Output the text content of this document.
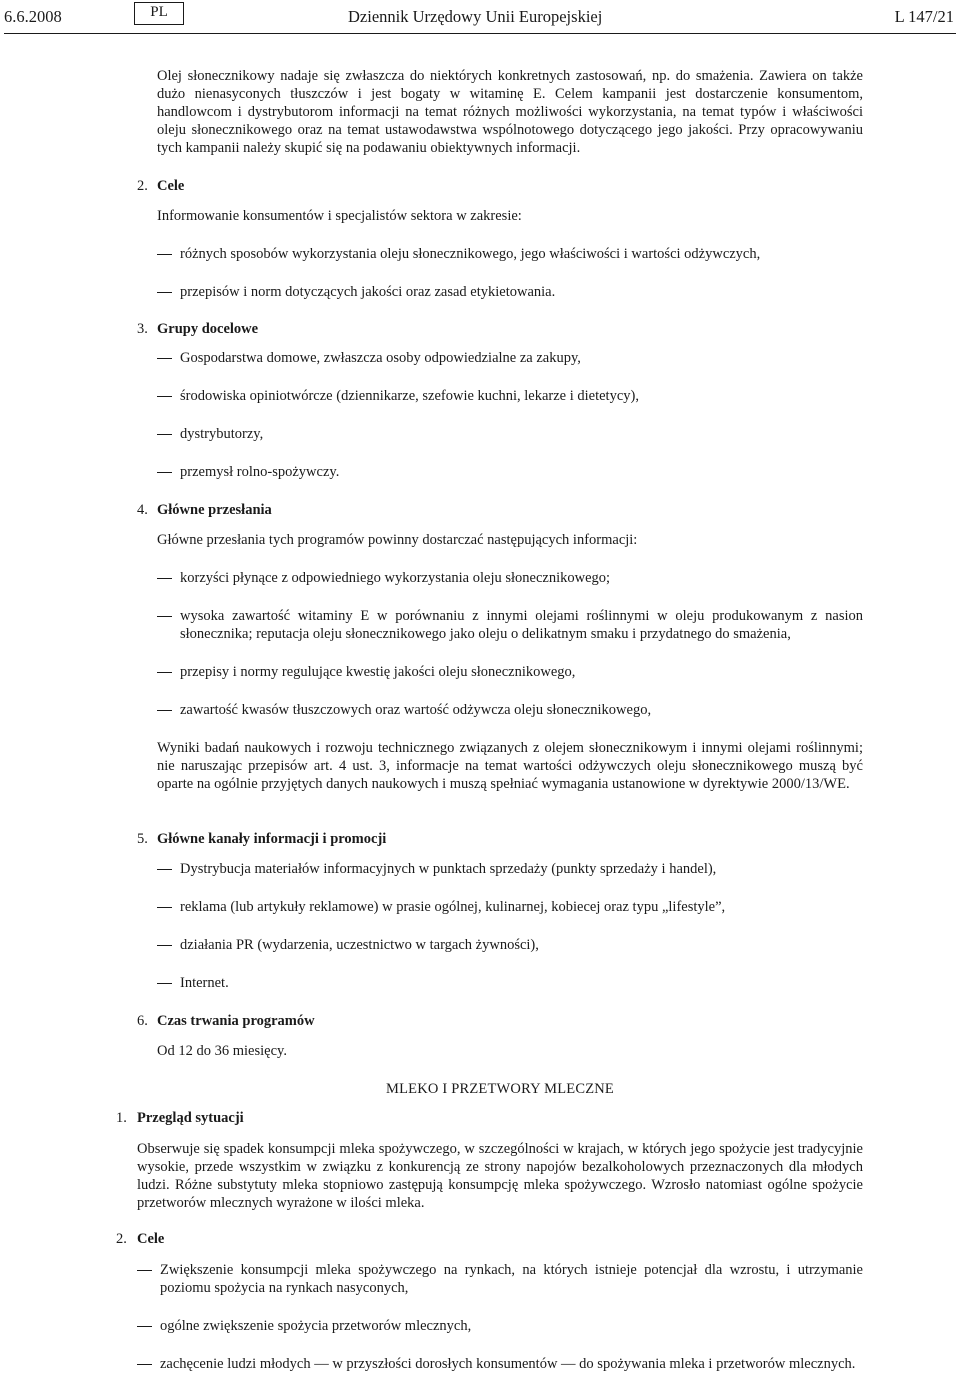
6.6.2008	PL	Dziennik Urzędowy Unii Europejskiej	L 147/21
Olej słonecznikowy nadaje się zwłaszcza do niektórych konkretnych zastosowań, np. do smażenia. Zawiera on także dużo nienasyconych tłuszczów i jest bogaty w witaminę E. Celem kampanii jest dostarczenie konsumentom, handlowcom i dystrybutorom informacji na temat różnych możliwości wykorzystania, na temat typów i właściwości oleju słonecznikowego oraz na temat ustawodawstwa wspólnotowego dotyczącego jego jakości. Przy opracowywaniu tych kampanii należy skupić się na podawaniu obiektywnych informacji.
2. Cele
Informowanie konsumentów i specjalistów sektora w zakresie:
różnych sposobów wykorzystania oleju słonecznikowego, jego właściwości i wartości odżywczych,
przepisów i norm dotyczących jakości oraz zasad etykietowania.
3. Grupy docelowe
Gospodarstwa domowe, zwłaszcza osoby odpowiedzialne za zakupy,
środowiska opiniotwórcze (dziennikarze, szefowie kuchni, lekarze i dietetycy),
dystrybutorzy,
przemysł rolno-spożywczy.
4. Główne przesłania
Główne przesłania tych programów powinny dostarczać następujących informacji:
korzyści płynące z odpowiedniego wykorzystania oleju słonecznikowego;
wysoka zawartość witaminy E w porównaniu z innymi olejami roślinnymi w oleju produkowanym z nasion słonecznika; reputacja oleju słonecznikowego jako oleju o delikatnym smaku i przydatnego do smażenia,
przepisy i normy regulujące kwestię jakości oleju słonecznikowego,
zawartość kwasów tłuszczowych oraz wartość odżywcza oleju słonecznikowego,
Wyniki badań naukowych i rozwoju technicznego związanych z olejem słonecznikowym i innymi olejami roślinnymi; nie naruszając przepisów art. 4 ust. 3, informacje na temat wartości odżywczych oleju słonecznikowego muszą być oparte na ogólnie przyjętych danych naukowych i muszą spełniać wymagania ustanowione w dyrektywie 2000/13/WE.
5. Główne kanały informacji i promocji
Dystrybucja materiałów informacyjnych w punktach sprzedaży (punkty sprzedaży i handel),
reklama (lub artykuły reklamowe) w prasie ogólnej, kulinarnej, kobiecej oraz typu „lifestyle”,
działania PR (wydarzenia, uczestnictwo w targach żywności),
Internet.
6. Czas trwania programów
Od 12 do 36 miesięcy.
MLEKO I PRZETWORY MLECZNE
1. Przegląd sytuacji
Obserwuje się spadek konsumpcji mleka spożywczego, w szczególności w krajach, w których jego spożycie jest tradycyjnie wysokie, przede wszystkim w związku z konkurencją ze strony napojów bezalkoholowych przeznaczonych dla młodych ludzi. Różne substytuty mleka stopniowo zastępują konsumpcję mleka spożywczego. Wzrosło natomiast ogólne spożycie przetworów mlecznych wyrażone w ilości mleka.
2. Cele
Zwiększenie konsumpcji mleka spożywczego na rynkach, na których istnieje potencjał dla wzrostu, i utrzymanie poziomu spożycia na rynkach nasyconych,
ogólne zwiększenie spożycia przetworów mlecznych,
zachęcenie ludzi młodych — w przyszłości dorosłych konsumentów — do spożywania mleka i przetworów mlecznych.
